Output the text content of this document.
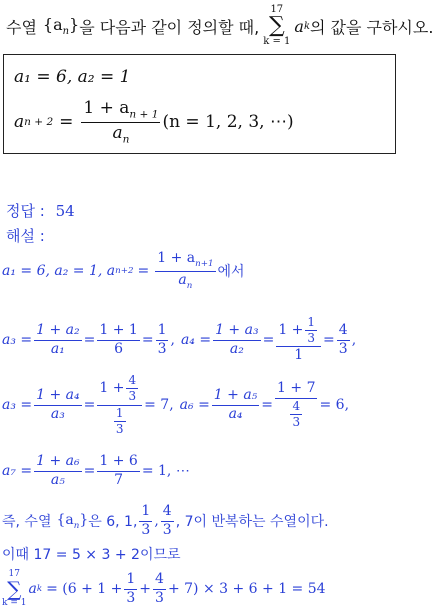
수열 $\{a_n\}$ 을 다음과 같이 정의할 때,
17
∑
k = 1
a k 의 값을 구하시오.
a₁ = 6, a₂ = 1
a $n + 2 = \frac{1 + a_{n + 1}}{a_n} (n = 1$, 2, 3, ⋯)
정답 : 54
해설 :
a₁ = 6, a₂ = 1, a $n+2 = \frac{1 + a_{n+1}}{a_n}$ 에서
$a_3 = \frac{\text{1 + a₂}}{\text{a₁}} = \frac{1 + 1}{6} = \frac{1}{3}$ , $a_4 = \frac{\text{1 + a₃}}{\text{a₂}} = \frac{1 + \frac{1}{3}}{1} = \frac{4}{3}$ ,
$a_3 = \frac{\text{1 + a₄}}{\text{a₃}} = \frac{1 + \frac{4}{3}}{\frac{1}{3}} = 7$, $a_6 = \frac{\text{1 + a₅}}{\text{a₄}} = \frac{1 + 7}{\frac{4}{3}} = 6$,
$a_7 = \frac{\text{1 + a₆}}{\text{a₅}} = \frac{1 + 6}{7} = 1$, ⋯
즉, 수열 $\{a_n\}$ 은 6, 1, $\frac{1}{3}$ , $\frac{4}{3}$ , 7이 반복하는 수열이다.
이때 17 = 5 × 3 + 2이므로
17
∑
k = 1
a $k = (6 + 1 + \frac{1}{3} + \frac{4}{3} + 7) \times 3 + 6 + 1 = 54$
